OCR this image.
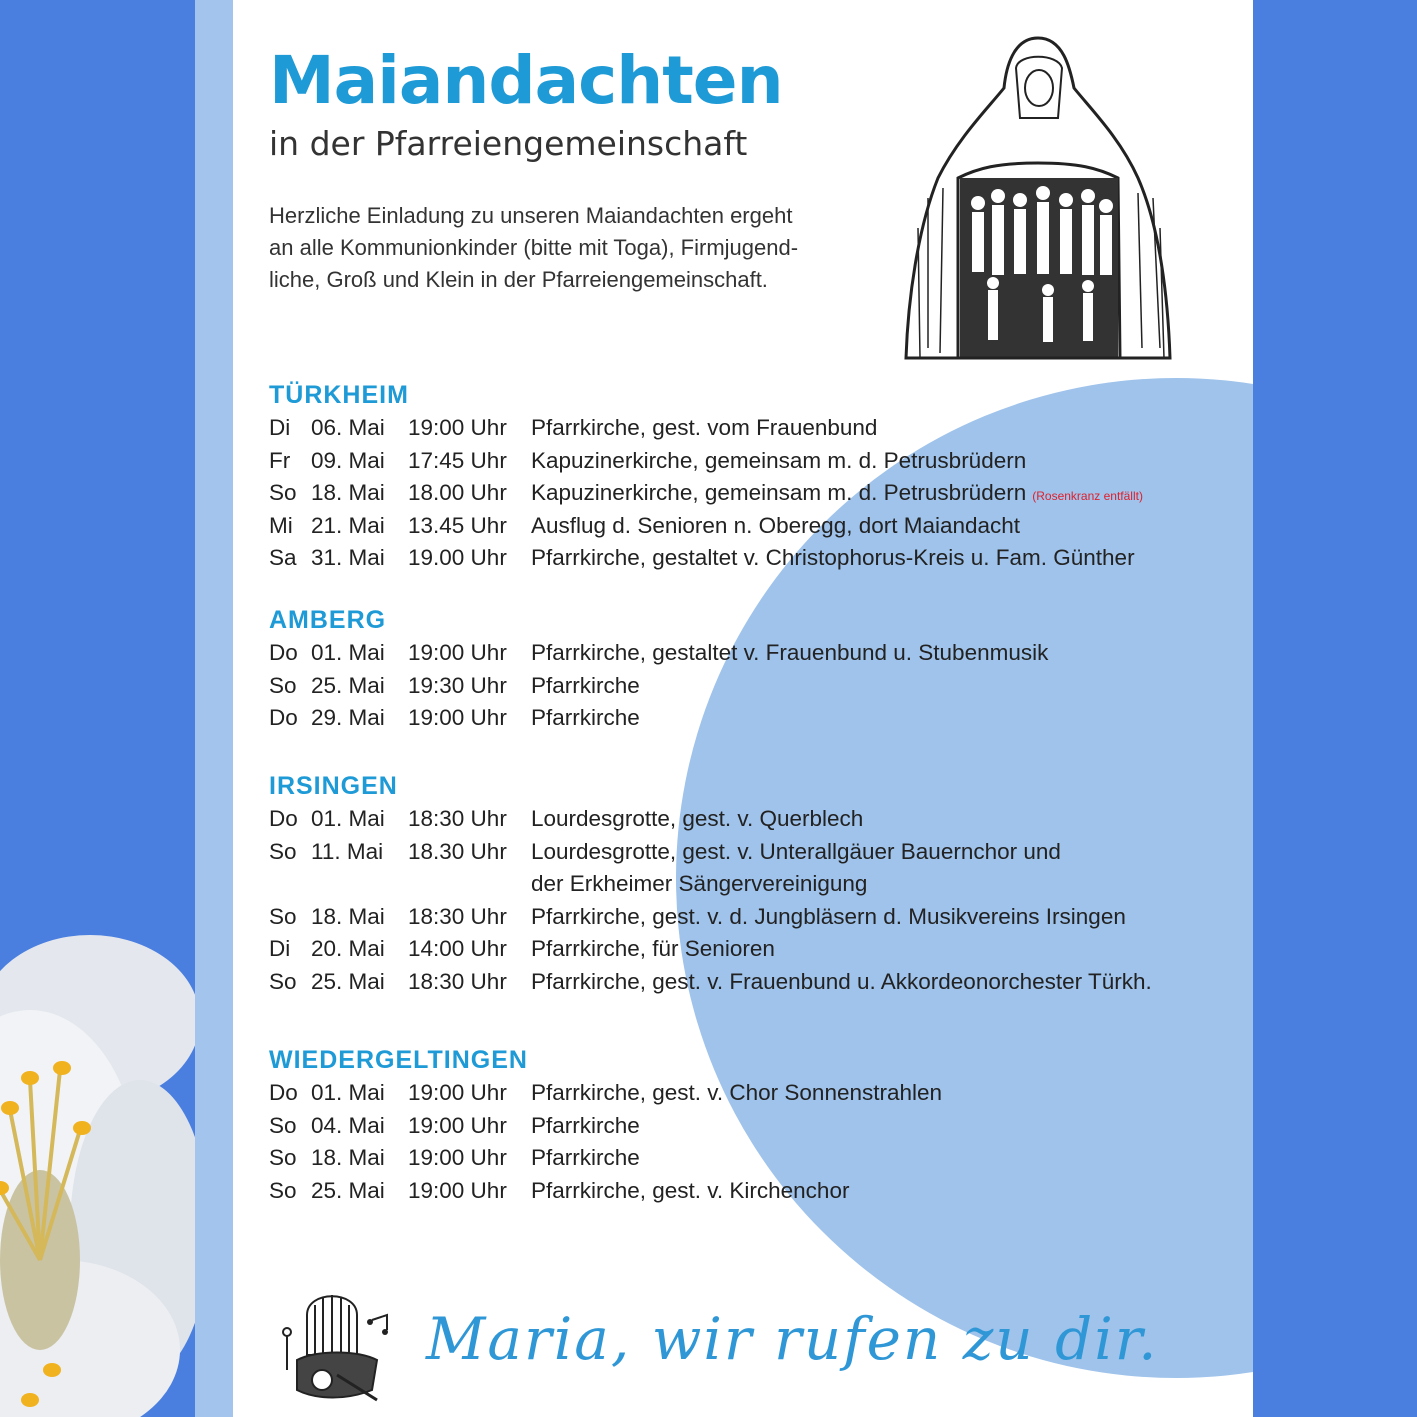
Maiandachten
in der Pfarreiengemeinschaft
Herzliche Einladung zu unseren Maiandachten ergeht
an alle Kommunionkinder (bitte mit Toga), Firmjugend-
liche, Groß und Klein in der Pfarreiengemeinschaft.
TÜRKHEIM
Di 06. Mai 19:00 Uhr Pfarrkirche, gest. vom Frauenbund
Fr 09. Mai 17:45 Uhr Kapuzinerkirche, gemeinsam m. d. Petrusbrüdern
So 18. Mai 18.00 Uhr Kapuzinerkirche, gemeinsam m. d. Petrusbrüdern (Rosenkranz entfällt)
Mi 21. Mai 13.45 Uhr Ausflug d. Senioren n. Oberegg, dort Maiandacht
Sa 31. Mai 19.00 Uhr Pfarrkirche, gestaltet v. Christophorus-Kreis u. Fam. Günther
AMBERG
Do 01. Mai 19:00 Uhr Pfarrkirche, gestaltet v. Frauenbund u. Stubenmusik
So 25. Mai 19:30 Uhr Pfarrkirche
Do 29. Mai 19:00 Uhr Pfarrkirche
IRSINGEN
Do 01. Mai 18:30 Uhr Lourdesgrotte, gest. v. Querblech
So 11. Mai 18.30 Uhr Lourdesgrotte, gest. v. Unterallgäuer Bauernchor und
der Erkheimer Sängervereinigung
So 18. Mai 18:30 Uhr Pfarrkirche, gest. v. d. Jungbläsern d. Musikvereins Irsingen
Di 20. Mai 14:00 Uhr Pfarrkirche, für Senioren
So 25. Mai 18:30 Uhr Pfarrkirche, gest. v. Frauenbund u. Akkordeonorchester Türkh.
WIEDERGELTINGEN
Do 01. Mai 19:00 Uhr Pfarrkirche, gest. v. Chor Sonnenstrahlen
So 04. Mai 19:00 Uhr Pfarrkirche
So 18. Mai 19:00 Uhr Pfarrkirche
So 25. Mai 19:00 Uhr Pfarrkirche, gest. v. Kirchenchor
Maria, wir rufen zu dir.
